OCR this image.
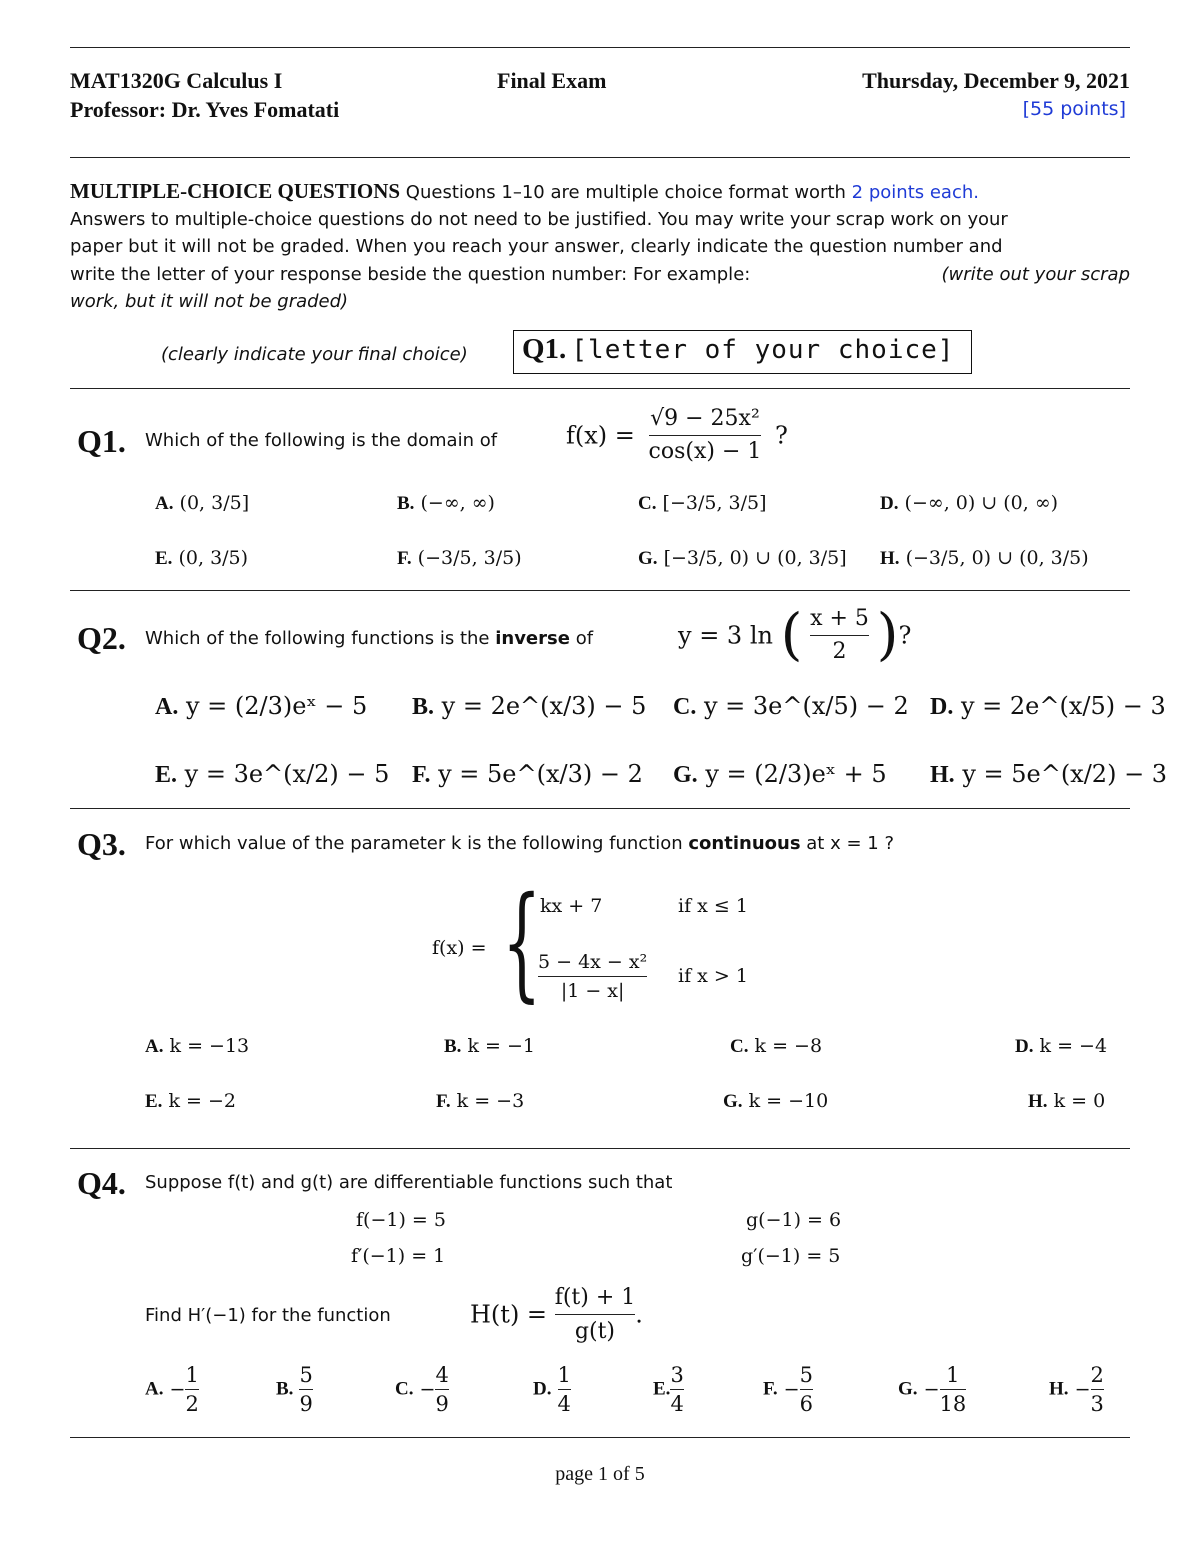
MAT1320G Calculus I
Professor: Dr. Yves Fomatati
Final Exam	Thursday, December 9, 2021
[55 points]
MULTIPLE-CHOICE QUESTIONS Questions 1–10 are multiple choice format worth 2 points each.
Answers to multiple-choice questions do not need to be justified. You may write your scrap work on your
paper but it will not be graded. When you reach your answer, clearly indicate the question number and
write the letter of your response beside the question number: For example:	(write out your scrap
work, but it will not be graded)
(clearly indicate your final choice) Q1. [letter of your choice]
Q1. Which of the following is the domain of	$f(x) = \frac{\text{√9 − 25x²}}{\cos(x) - 1}$ ?
A. (0, 3/5]	B. (−∞, ∞)	C. [−3/5, 3/5]	D. (−∞, 0) ∪ (0, ∞)
E. (0, 3/5)	F. (−3/5, 3/5)	G. [−3/5, 0) ∪ (0, 3/5] H. (−3/5, 0) ∪ (0, 3/5)
Q2. Which of the following functions is the inverse of	y = 3 ln ( $\frac{x + 5}{2}$ )?
A. y = (2/3)eˣ − 5 B. y = 2e^(x/3) − 5 C. y = 3e^(x/5) − 2 D. y = 2e^(x/5) − 3
E. y = 3e^(x/2) − 5 F. y = 5e^(x/3) − 2 G. y = (2/3)eˣ + 5 H. y = 5e^(x/2) − 3
Q3. For which value of the parameter k is the following function continuous at x = 1 ?
f(x) = {
kx + 7	if x ≤ 1
$\frac{\text{5 − 4x − x²}}{|1 - x|}$ if x > 1
A. k = −13	B. k = −1	C. k = −8	D. k = −4
E. k = −2	F. k = −3	G. k = −10	H. k = 0
Q4. Suppose f(t) and g(t) are differentiable functions such that
f(−1) = 5	g(−1) = 6
f′(−1) = 1	g′(−1) = 5
Find H′(−1) for the function	$H(t) = \frac{f(t) + 1}{g(t)}$ .
A. − $\frac{1}{2}$	B. $\frac{5}{9}$	C. − $\frac{4}{9}$	D. $\frac{1}{4}$	E. $\frac{3}{4}$	F. − $\frac{5}{6}$	G. − $\frac{1}{18}$	H. − $\frac{2}{3}$
page 1 of 5
